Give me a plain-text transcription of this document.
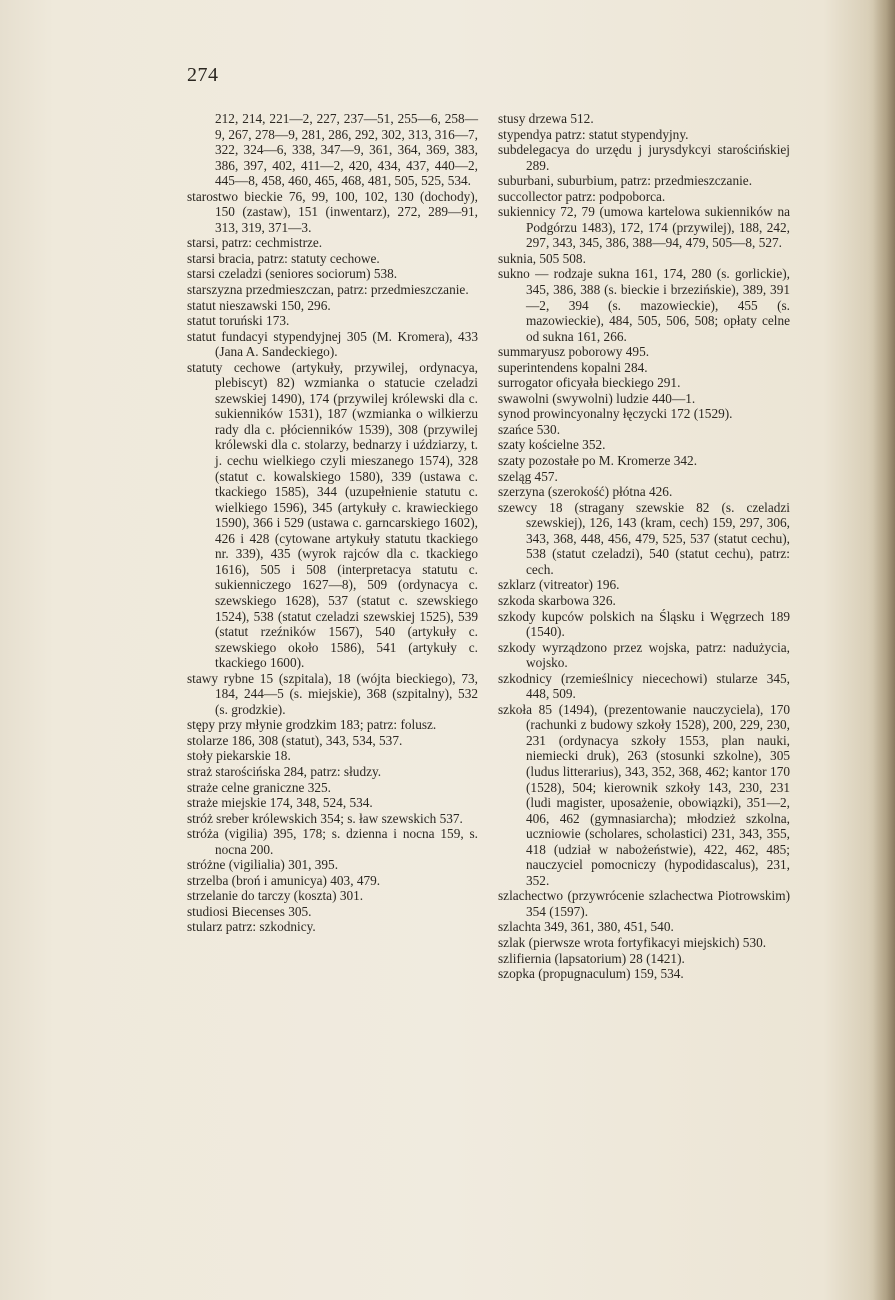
274

212, 214, 221—2, 227, 237—51, 255—6, 258—9, 267, 278—9, 281, 286, 292, 302, 313, 316—7, 322, 324—6, 338, 347—9, 361, 364, 369, 383, 386, 397, 402, 411—2, 420, 434, 437, 440—2, 445—8, 458, 460, 465, 468, 481, 505, 525, 534.

starostwo bieckie 76, 99, 100, 102, 130 (dochody), 150 (zastaw), 151 (inwentarz), 272, 289—91, 313, 319, 371—3.

starsi, patrz: cechmistrze.

starsi bracia, patrz: statuty cechowe.

starsi czeladzi (seniores sociorum) 538.

starszyzna przedmieszczan, patrz: przedmieszczanie.

statut nieszawski 150, 296.

statut toruński 173.

statut fundacyi stypendyjnej 305 (M. Kromera), 433 (Jana A. Sandeckiego).

statuty cechowe (artykuły, przywilej, ordynacya, plebiscyt) 82) wzmianka o statucie czeladzi szewskiej 1490), 174 (przywilej królewski dla c. sukienników 1531), 187 (wzmianka o wilkierzu rady dla c. płócienników 1539), 308 (przywilej królewski dla c. stolarzy, bednarzy i uździarzy, t. j. cechu wielkiego czyli mieszanego 1574), 328 (statut c. kowalskiego 1580), 339 (ustawa c. tkackiego 1585), 344 (uzupełnienie statutu c. wielkiego 1596), 345 (artykuły c. krawieckiego 1590), 366 i 529 (ustawa c. garncarskiego 1602), 426 i 428 (cytowane artykuły statutu tkackiego nr. 339), 435 (wyrok rajców dla c. tkackiego 1616), 505 i 508 (interpretacya statutu c. sukienniczego 1627—8), 509 (ordynacya c. szewskiego 1628), 537 (statut c. szewskiego 1524), 538 (statut czeladzi szewskiej 1525), 539 (statut rzeźników 1567), 540 (artykuły c. szewskiego około 1586), 541 (artykuły c. tkackiego 1600).

stawy rybne 15 (szpitala), 18 (wójta bieckiego), 73, 184, 244—5 (s. miejskie), 368 (szpitalny), 532 (s. grodzkie).

stępy przy młynie grodzkim 183; patrz: folusz.

stolarze 186, 308 (statut), 343, 534, 537.

stoły piekarskie 18.

straż starościńska 284, patrz: słudzy.

straże celne graniczne 325.

straże miejskie 174, 348, 524, 534.

stróż sreber królewskich 354; s. ław szewskich 537.

stróża (vigilia) 395, 178; s. dzienna i nocna 159, s. nocna 200.

stróżne (vigilialia) 301, 395.

strzelba (broń i amunicya) 403, 479.

strzelanie do tarczy (koszta) 301.

studiosi Biecenses 305.

stularz patrz: szkodnicy.

stusy drzewa 512.

stypendya patrz: statut stypendyjny.

subdelegacya do urzędu j jurysdykcyi starościńskiej 289.

suburbani, suburbium, patrz: przedmieszczanie.

succollector patrz: podpoborca.

sukiennicy 72, 79 (umowa kartelowa sukienników na Podgórzu 1483), 172, 174 (przywilej), 188, 242, 297, 343, 345, 386, 388—94, 479, 505—8, 527.

suknia, 505 508.

sukno — rodzaje sukna 161, 174, 280 (s. gorlickie), 345, 386, 388 (s. bieckie i brzezińskie), 389, 391—2, 394 (s. mazowieckie), 455 (s. mazowieckie), 484, 505, 506, 508; opłaty celne od sukna 161, 266.

summaryusz poborowy 495.

superintendens kopalni 284.

surrogator oficyała bieckiego 291.

swawolni (swywolni) ludzie 440—1.

synod prowincyonalny łęczycki 172 (1529).

szańce 530.

szaty kościelne 352.

szaty pozostałe po M. Kromerze 342.

szeląg 457.

szerzyna (szerokość) płótna 426.

szewcy 18 (stragany szewskie 82 (s. czeladzi szewskiej), 126, 143 (kram, cech) 159, 297, 306, 343, 368, 448, 456, 479, 525, 537 (statut cechu), 538 (statut czeladzi), 540 (statut cechu), patrz: cech.

szklarz (vitreator) 196.

szkoda skarbowa 326.

szkody kupców polskich na Śląsku i Węgrzech 189 (1540).

szkody wyrządzono przez wojska, patrz: nadużycia, wojsko.

szkodnicy (rzemieślnicy niecechowi) stularze 345, 448, 509.

szkoła 85 (1494), (prezentowanie nauczyciela), 170 (rachunki z budowy szkoły 1528), 200, 229, 230, 231 (ordynacya szkoły 1553, plan nauki, niemiecki druk), 263 (stosunki szkolne), 305 (ludus litterarius), 343, 352, 368, 462; kantor 170 (1528), 504; kierownik szkoły 143, 230, 231 (ludi magister, uposażenie, obowiązki), 351—2, 406, 462 (gymnasiarcha); młodzież szkolna, uczniowie (scholares, scholastici) 231, 343, 355, 418 (udział w nabożeństwie), 422, 462, 485; nauczyciel pomocniczy (hypodidascalus), 231, 352.

szlachectwo (przywrócenie szlachectwa Piotrowskim) 354 (1597).

szlachta 349, 361, 380, 451, 540.

szlak (pierwsze wrota fortyfikacyi miejskich) 530.

szlifiernia (lapsatorium) 28 (1421).

szopka (propugnaculum) 159, 534.
